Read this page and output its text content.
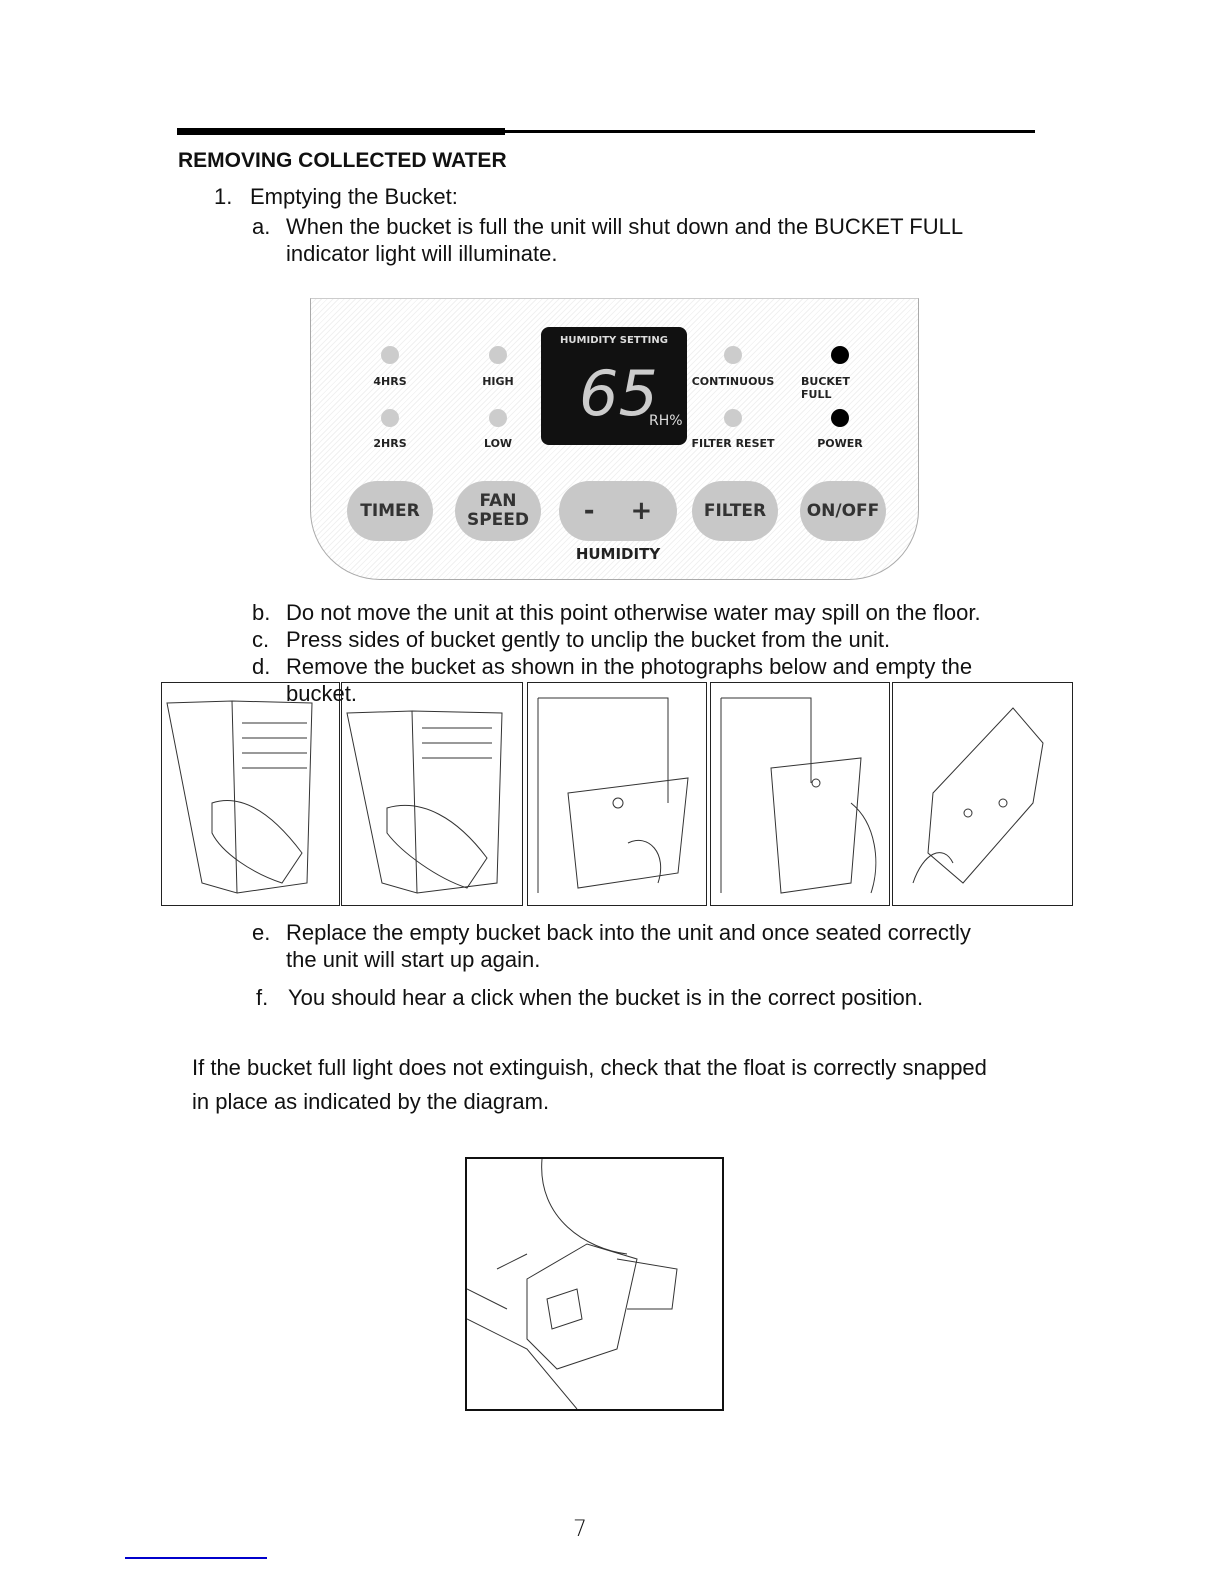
REMOVING COLLECTED WATER
1. Emptying the Bucket:
a. When the bucket is full the unit will shut down and the BUCKET FULL
indicator light will illuminate.
4HRS
2HRS
HIGH
LOW
HUMIDITY SETTING
65
RH%
CONTINUOUS
FILTER RESET
BUCKET FULL
POWER
TIMER	FAN
SPEED - +	FILTER	ON/OFF
HUMIDITY
b. Do not move the unit at this point otherwise water may spill on the floor.
c. Press sides of bucket gently to unclip the bucket from the unit.
d. Remove the bucket as shown in the photographs below and empty the
bucket.
e. Replace the empty bucket back into the unit and once seated correctly
the unit will start up again.
f. You should hear a click when the bucket is in the correct position.
If the bucket full light does not extinguish, check that the float is correctly snapped
in place as indicated by the diagram.
7
